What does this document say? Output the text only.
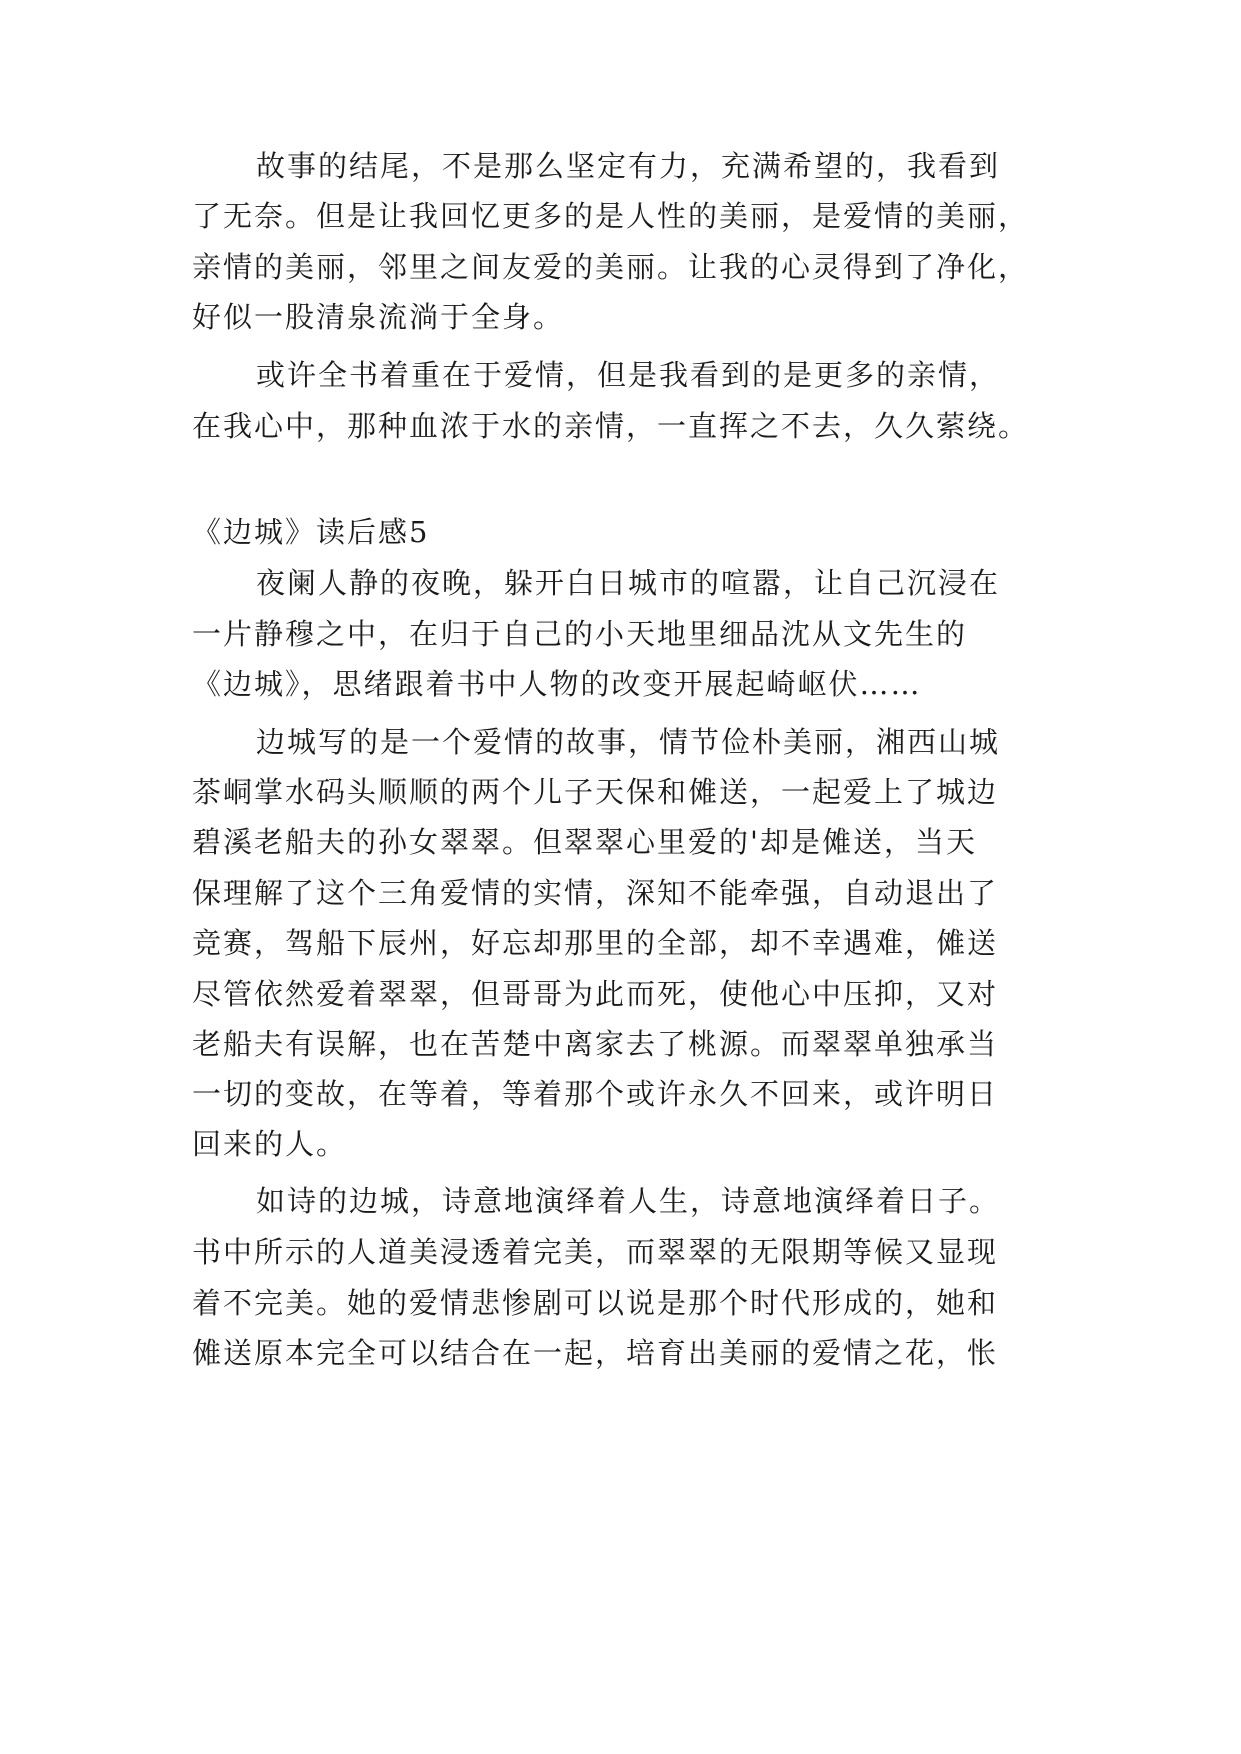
故事的结尾，不是那么坚定有力，充满希望的，我看到
了无奈。但是让我回忆更多的是人性的美丽，是爱情的美丽，
亲情的美丽，邻里之间友爱的美丽。让我的心灵得到了净化，
好似一股清泉流淌于全身。
或许全书着重在于爱情，但是我看到的是更多的亲情，
在我心中，那种血浓于水的亲情，一直挥之不去，久久萦绕。
《边城》读后感5
夜阑人静的夜晚，躲开白日城市的喧嚣，让自己沉浸在
一片静穆之中，在归于自己的小天地里细品沈从文先生的
《边城》，思绪跟着书中人物的改变开展起崎岖伏……
边城写的是一个爱情的故事，情节俭朴美丽，湘西山城
茶峒掌水码头顺顺的两个儿子天保和傩送，一起爱上了城边
碧溪老船夫的孙女翠翠。但翠翠心里爱的'却是傩送，当天
保理解了这个三角爱情的实情，深知不能牵强，自动退出了
竞赛，驾船下辰州，好忘却那里的全部，却不幸遇难，傩送
尽管依然爱着翠翠，但哥哥为此而死，使他心中压抑，又对
老船夫有误解，也在苦楚中离家去了桃源。而翠翠单独承当
一切的变故，在等着，等着那个或许永久不回来，或许明日
回来的人。
如诗的边城，诗意地演绎着人生，诗意地演绎着日子。
书中所示的人道美浸透着完美，而翠翠的无限期等候又显现
着不完美。她的爱情悲惨剧可以说是那个时代形成的，她和
傩送原本完全可以结合在一起，培育出美丽的爱情之花，怅
